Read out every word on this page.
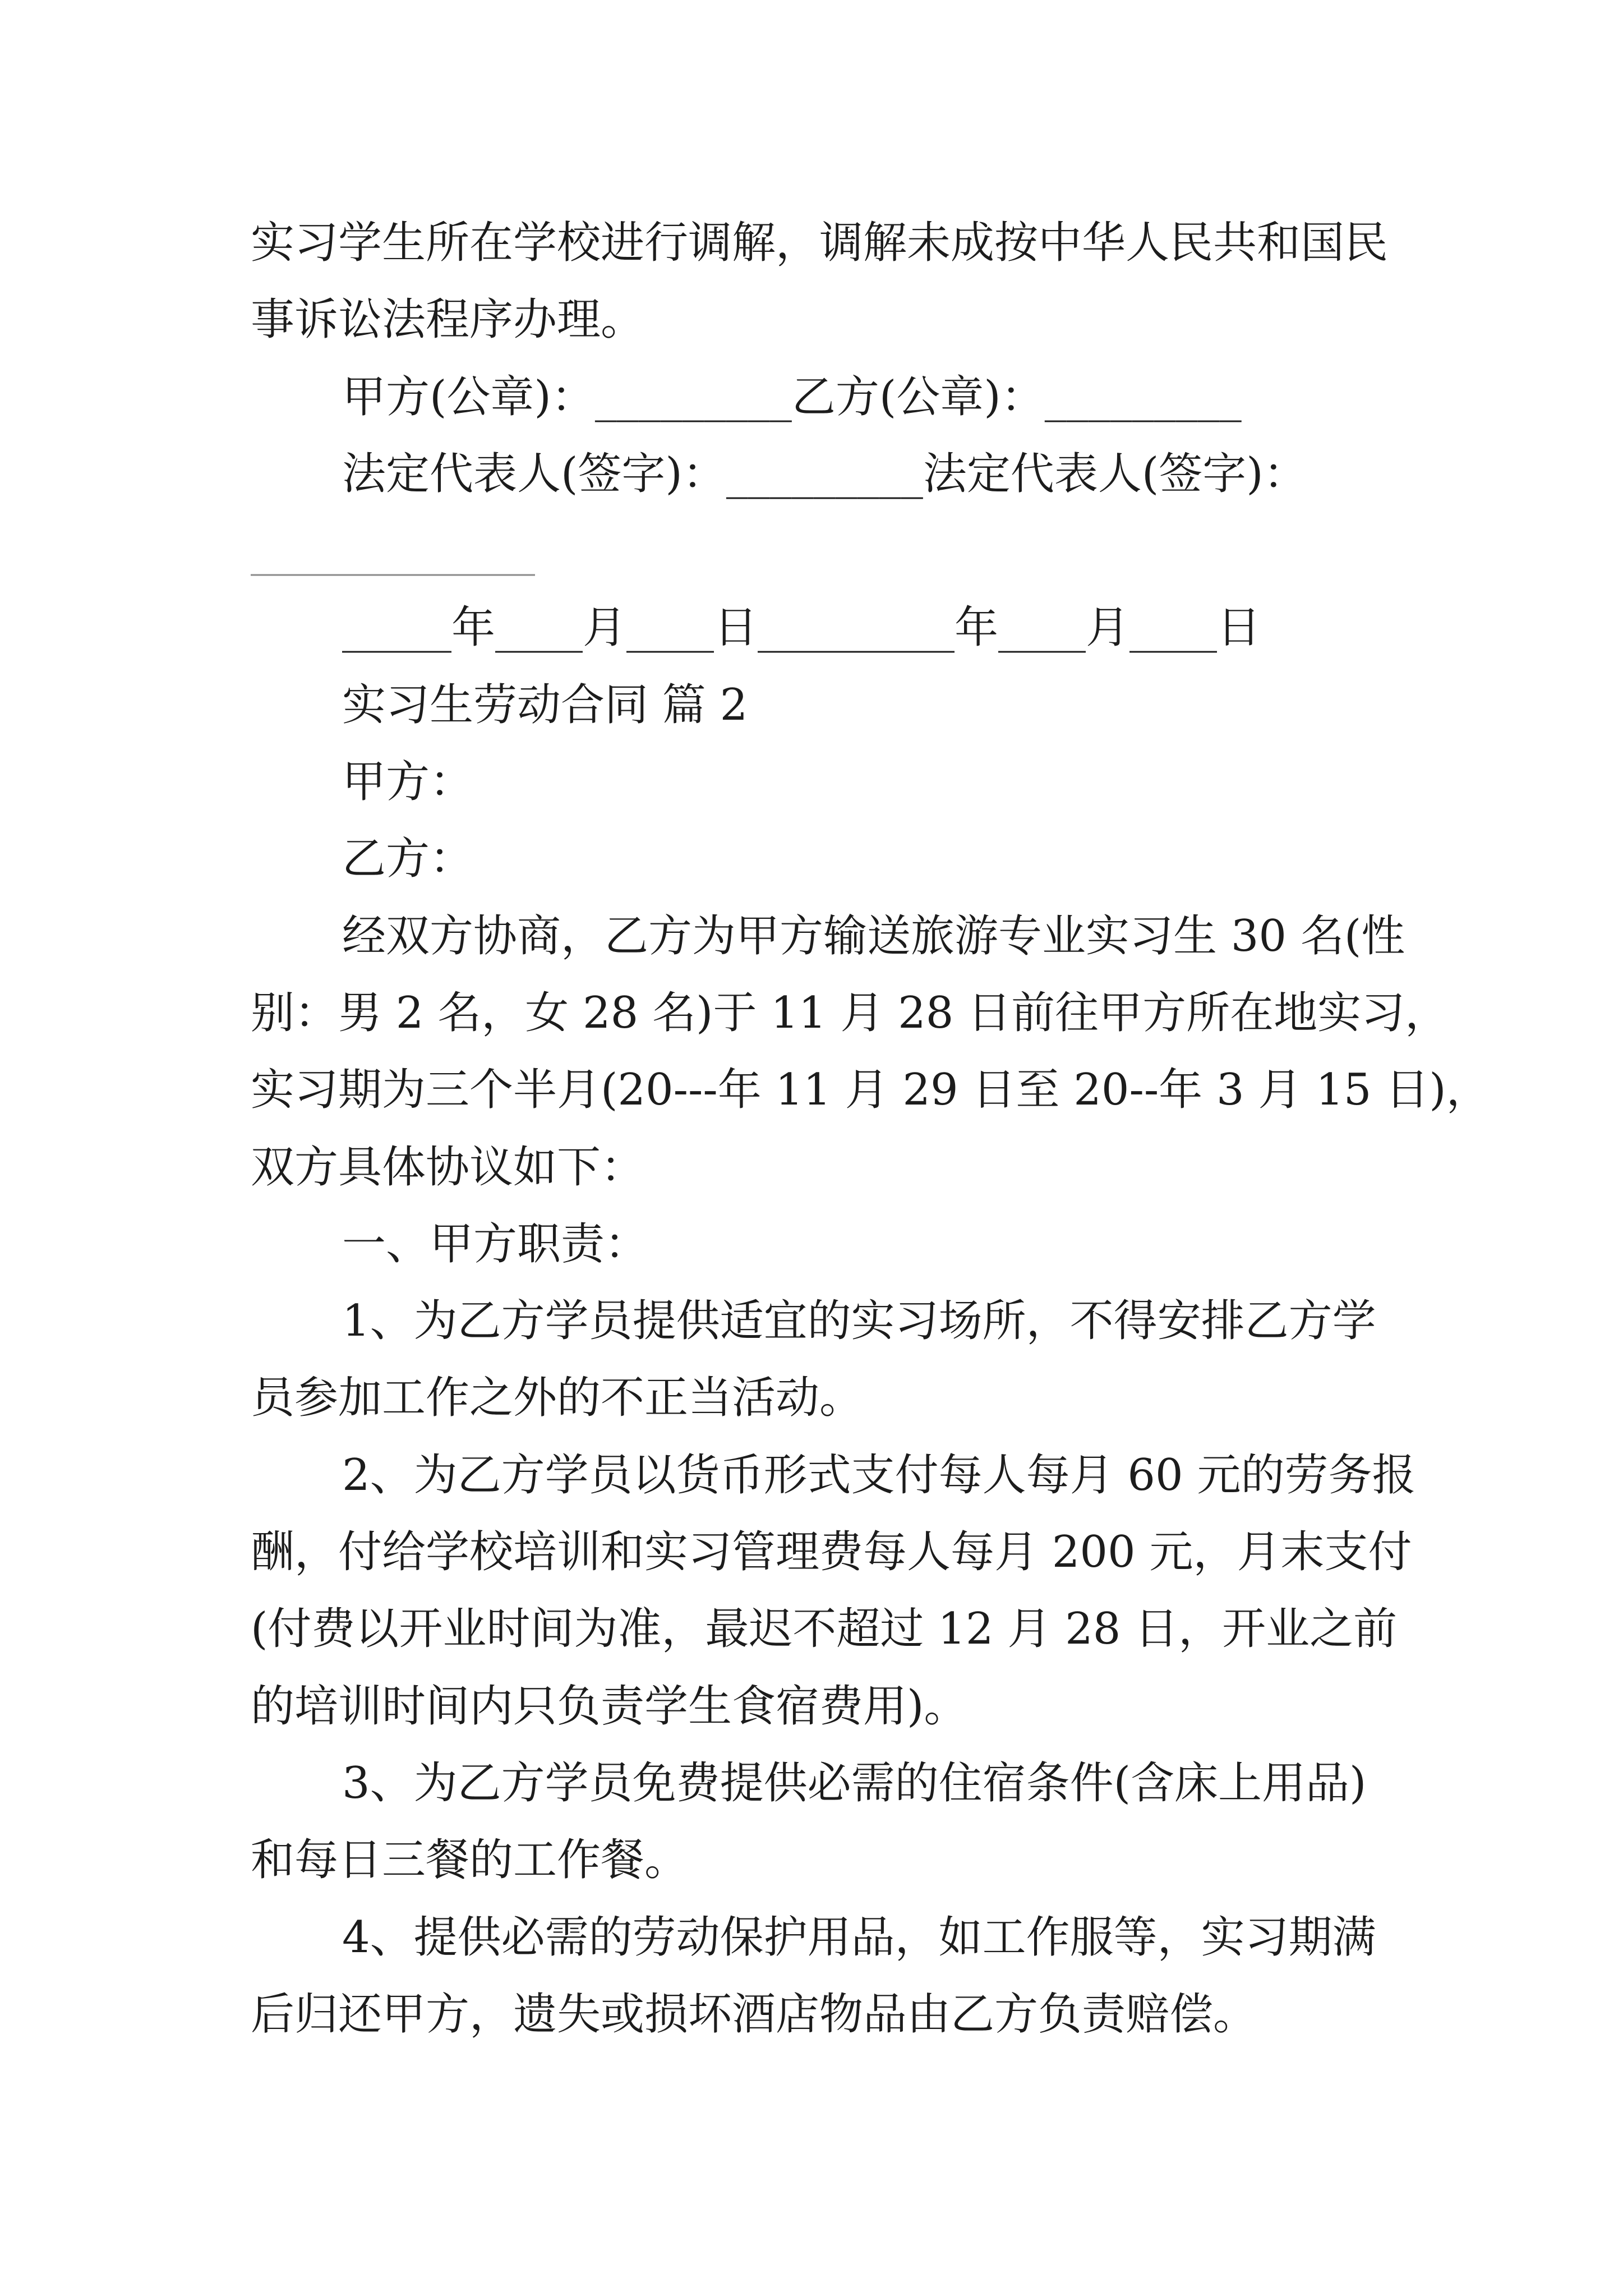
实习学生所在学校进行调解，调解未成按中华人民共和国民
事诉讼法程序办理。
甲方(公章)：_________乙方(公章)：_________
法定代表人(签字)：_________法定代表人(签字)：
_____________
_____年____月____日_________年____月____日
实习生劳动合同 篇 2
甲方：
乙方：
经双方协商，乙方为甲方输送旅游专业实习生 30 名(性
别：男 2 名，女 28 名)于 11 月 28 日前往甲方所在地实习，
实习期为三个半月(20---年 11 月 29 日至 20--年 3 月 15 日)，
双方具体协议如下：
一、甲方职责：
1、为乙方学员提供适宜的实习场所，不得安排乙方学
员参加工作之外的不正当活动。
2、为乙方学员以货币形式支付每人每月 60 元的劳务报
酬，付给学校培训和实习管理费每人每月 200 元，月末支付
(付费以开业时间为准，最迟不超过 12 月 28 日，开业之前
的培训时间内只负责学生食宿费用)。
3、为乙方学员免费提供必需的住宿条件(含床上用品)
和每日三餐的工作餐。
4、提供必需的劳动保护用品，如工作服等，实习期满
后归还甲方，遗失或损坏酒店物品由乙方负责赔偿。
